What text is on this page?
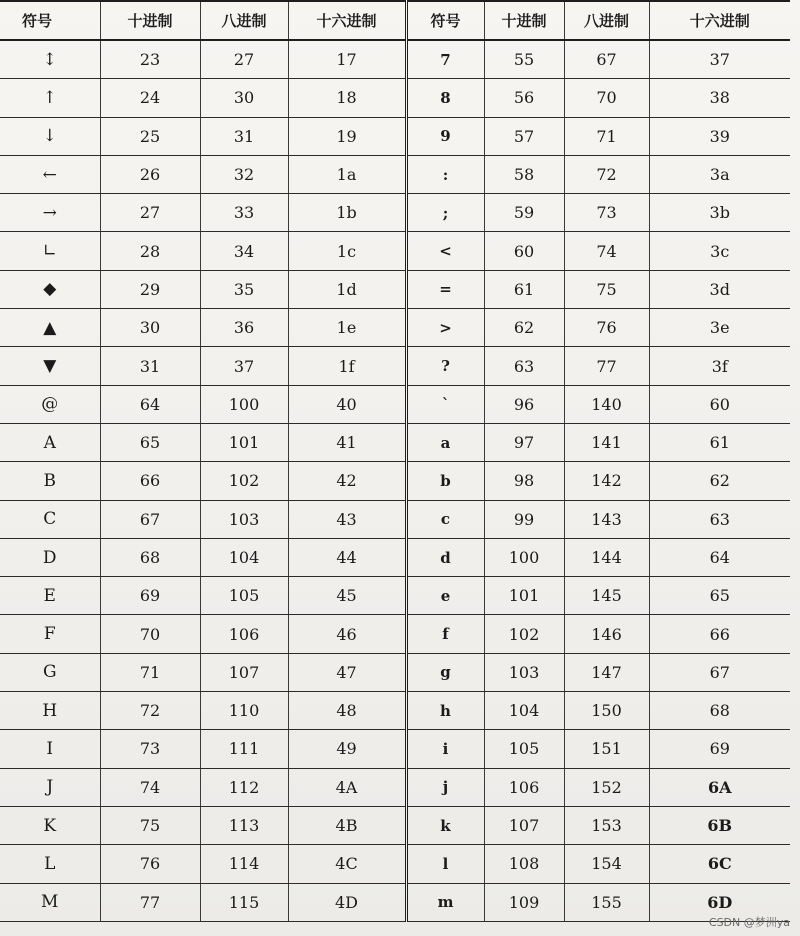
符号	十进制	八进制	十六进制	符号	十进制	八进制	十六进制
↕	23	27	17	7	55	67	37
↑	24	30	18	8	56	70	38
↓	25	31	19	9	57	71	39
←	26	32	1a	:	58	72	3a
→	27	33	1b	;	59	73	3b
∟	28	34	1c	<	60	74	3c
◆	29	35	1d	=	61	75	3d
▲	30	36	1e	>	62	76	3e
▼	31	37	1f	?	63	77	3f
@	64	100	40	`	96	140	60
A	65	101	41	a	97	141	61
B	66	102	42	b	98	142	62
C	67	103	43	c	99	143	63
D	68	104	44	d	100	144	64
E	69	105	45	e	101	145	65
F	70	106	46	f	102	146	66
G	71	107	47	g	103	147	67
H	72	110	48	h	104	150	68
I	73	111	49	i	105	151	69
J	74	112	4A	j	106	152	6A
K	75	113	4B	k	107	153	6B
L	76	114	4C	l	108	154	6C
M	77	115	4D	m	109	155	6D
CSDN @梦洲ya
